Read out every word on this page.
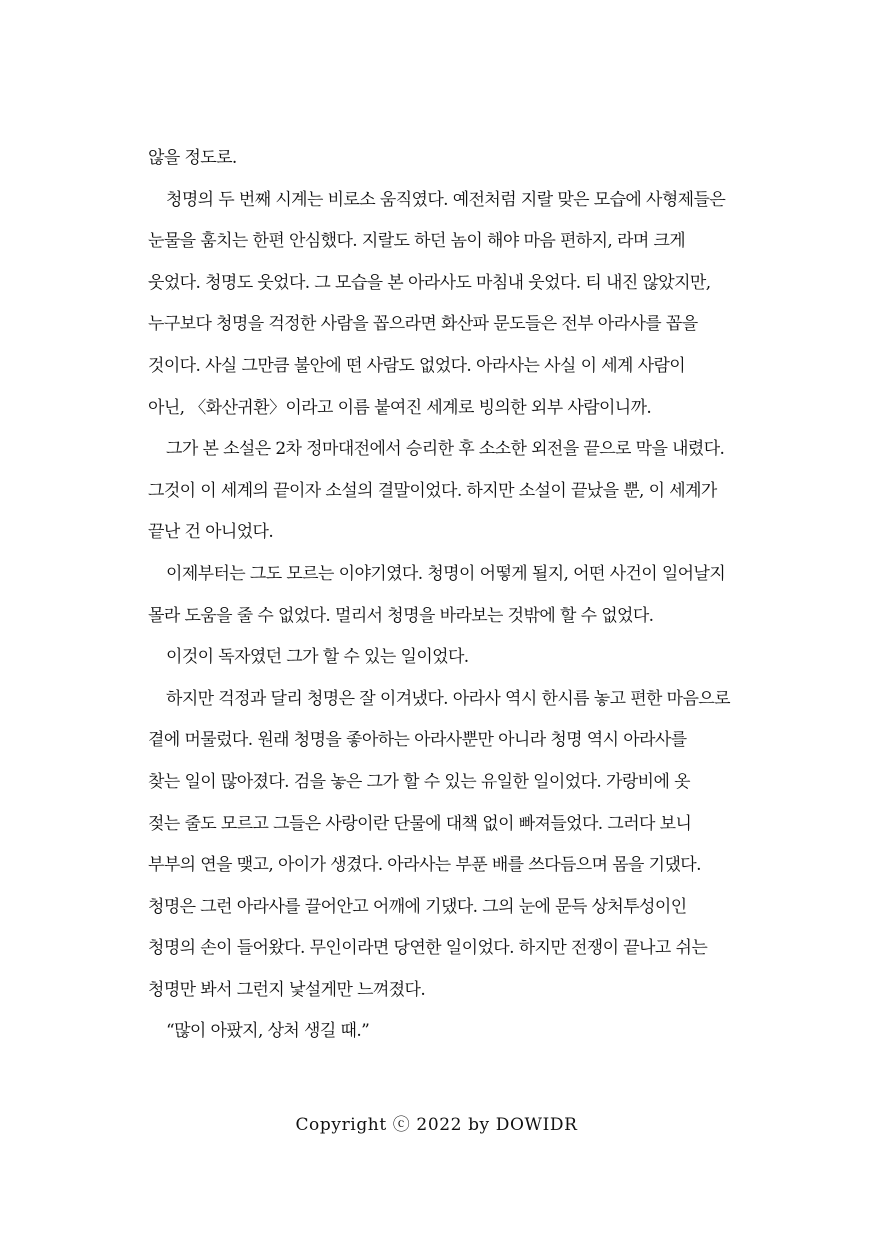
않을 정도로.
청명의 두 번째 시계는 비로소 움직였다. 예전처럼 지랄 맞은 모습에 사형제들은
눈물을 훔치는 한편 안심했다. 지랄도 하던 놈이 해야 마음 편하지, 라며 크게
웃었다. 청명도 웃었다. 그 모습을 본 아라사도 마침내 웃었다. 티 내진 않았지만,
누구보다 청명을 걱정한 사람을 꼽으라면 화산파 문도들은 전부 아라사를 꼽을
것이다. 사실 그만큼 불안에 떤 사람도 없었다. 아라사는 사실 이 세계 사람이
아닌, 〈화산귀환〉이라고 이름 붙여진 세계로 빙의한 외부 사람이니까.
그가 본 소설은 2차 정마대전에서 승리한 후 소소한 외전을 끝으로 막을 내렸다.
그것이 이 세계의 끝이자 소설의 결말이었다. 하지만 소설이 끝났을 뿐, 이 세계가
끝난 건 아니었다.
이제부터는 그도 모르는 이야기였다. 청명이 어떻게 될지, 어떤 사건이 일어날지
몰라 도움을 줄 수 없었다. 멀리서 청명을 바라보는 것밖에 할 수 없었다.
이것이 독자였던 그가 할 수 있는 일이었다.
하지만 걱정과 달리 청명은 잘 이겨냈다. 아라사 역시 한시름 놓고 편한 마음으로
곁에 머물렀다. 원래 청명을 좋아하는 아라사뿐만 아니라 청명 역시 아라사를
찾는 일이 많아졌다. 검을 놓은 그가 할 수 있는 유일한 일이었다. 가랑비에 옷
젖는 줄도 모르고 그들은 사랑이란 단물에 대책 없이 빠져들었다. 그러다 보니
부부의 연을 맺고, 아이가 생겼다. 아라사는 부푼 배를 쓰다듬으며 몸을 기댔다.
청명은 그런 아라사를 끌어안고 어깨에 기댔다. 그의 눈에 문득 상처투성이인
청명의 손이 들어왔다. 무인이라면 당연한 일이었다. 하지만 전쟁이 끝나고 쉬는
청명만 봐서 그런지 낯설게만 느껴졌다.
“많이 아팠지, 상처 생길 때.”
Copyright ⓒ 2022 by DOWIDR
